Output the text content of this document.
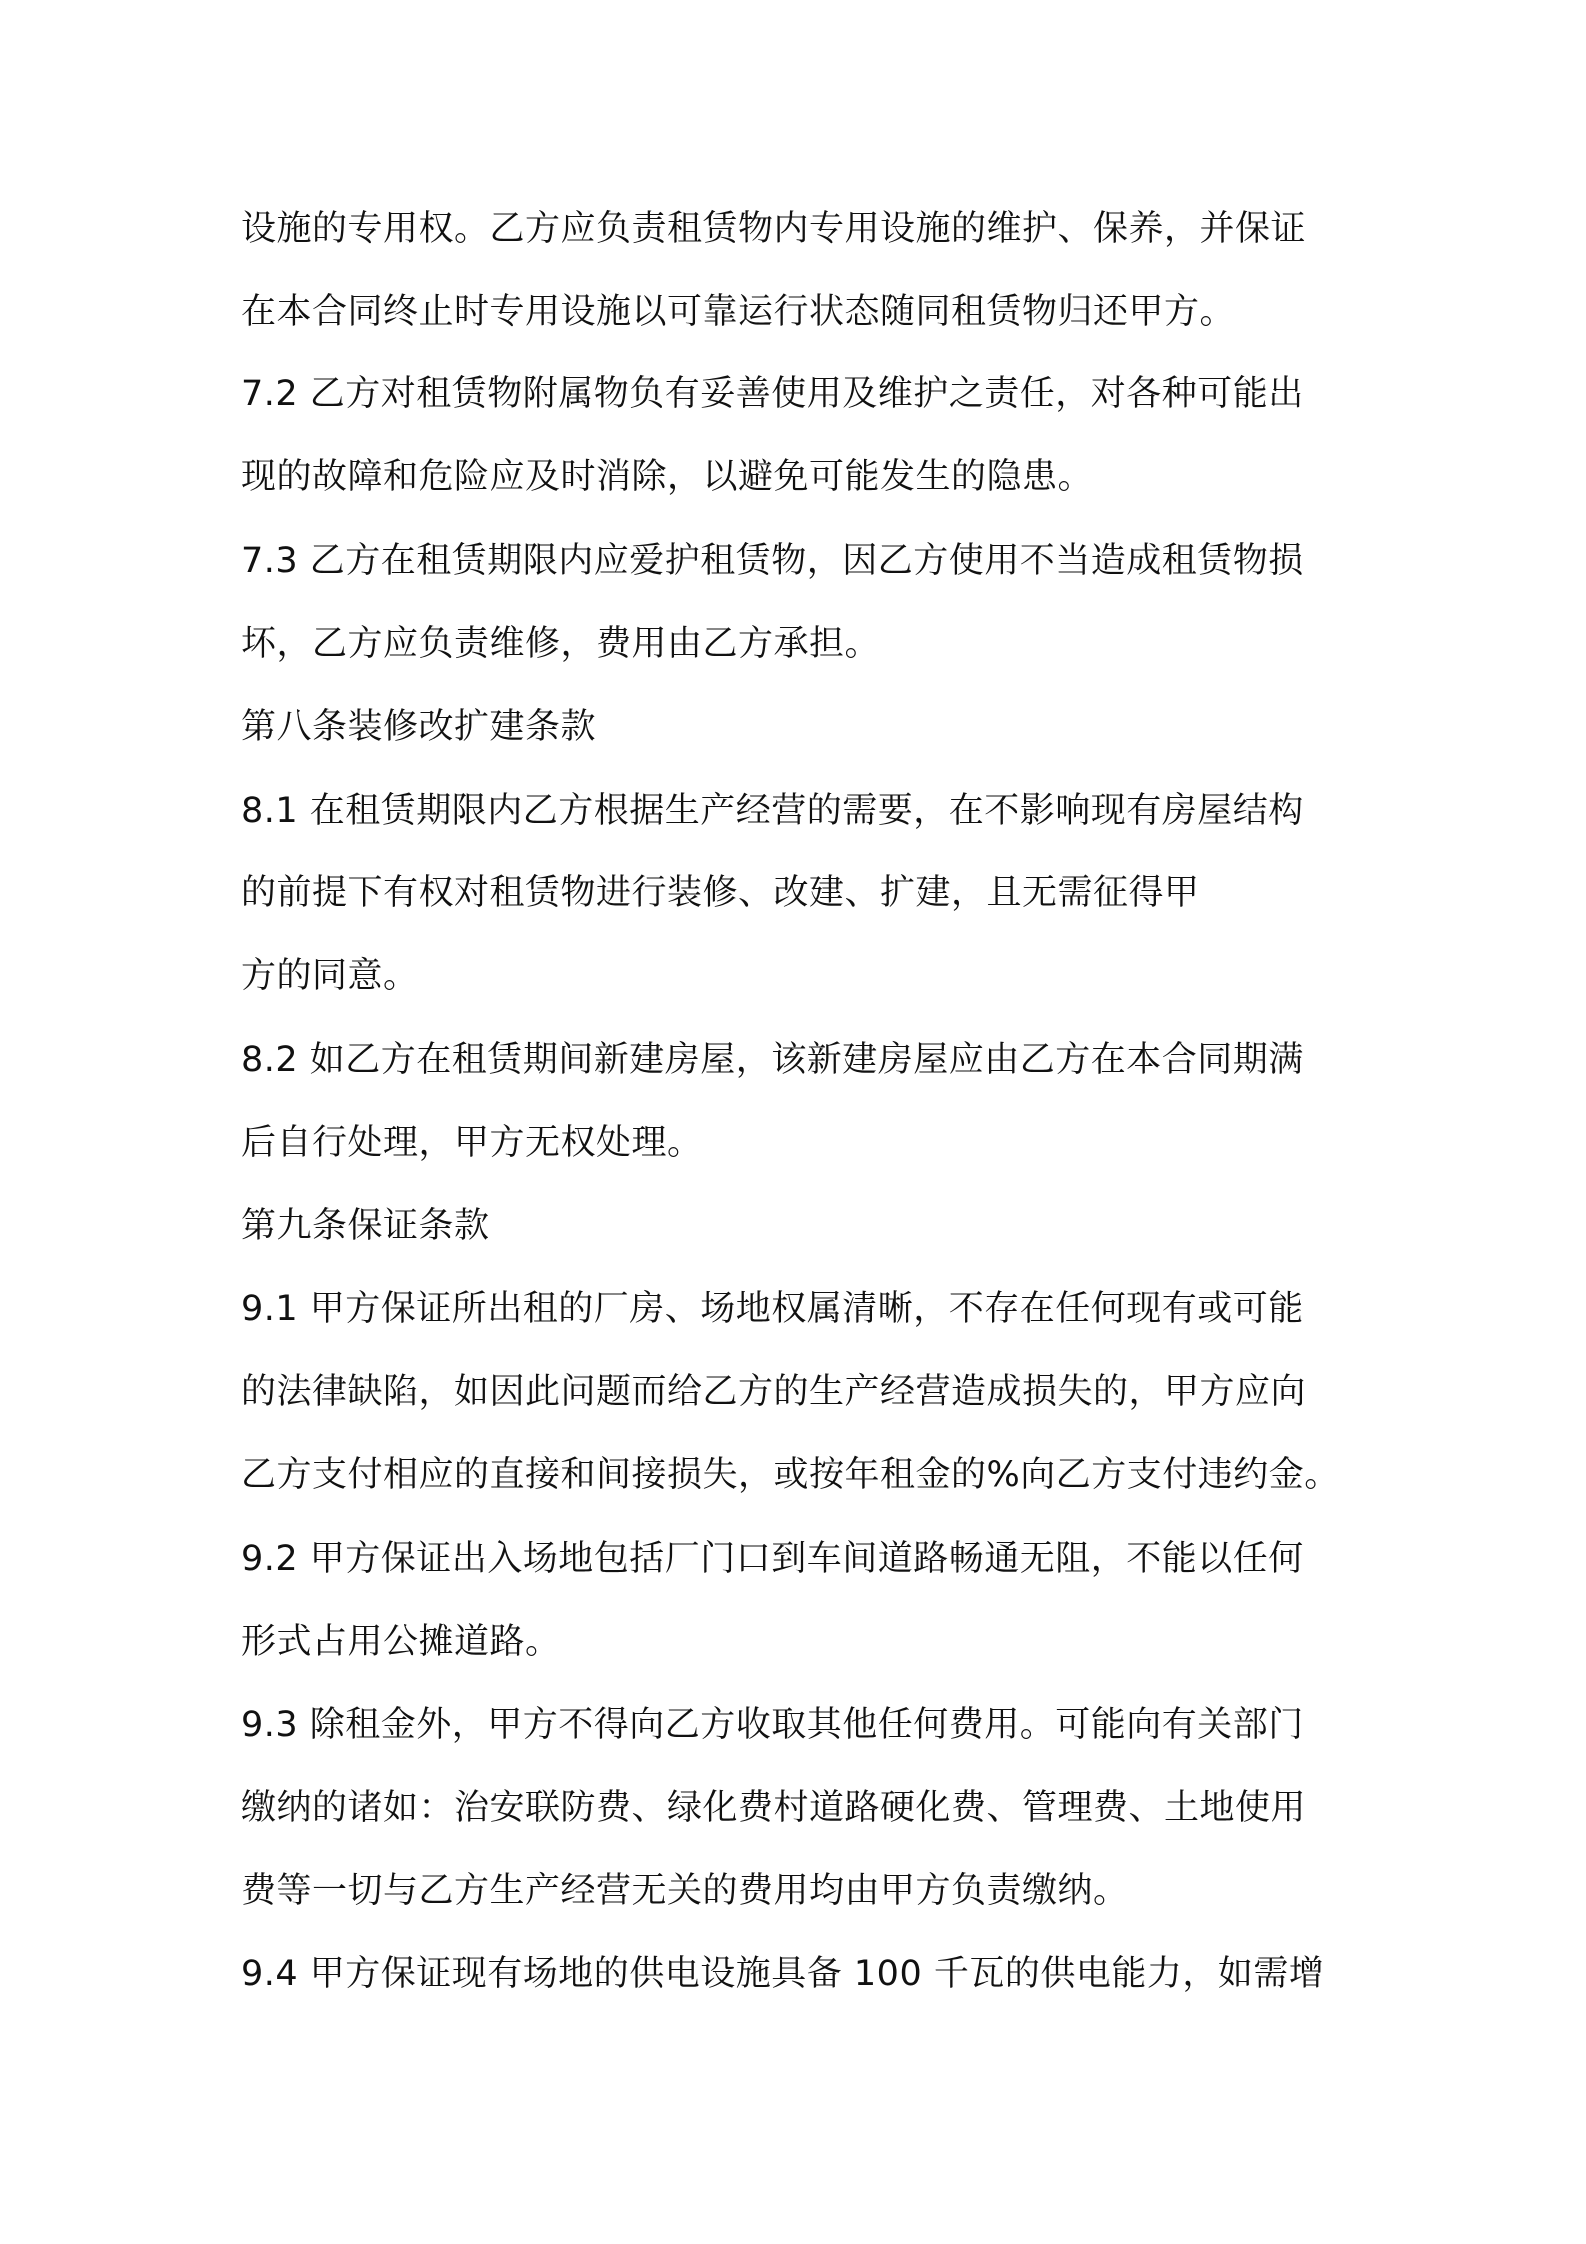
设施的专用权。乙方应负责租赁物内专用设施的维护、保养，并保证
在本合同终止时专用设施以可靠运行状态随同租赁物归还甲方。
7.2 乙方对租赁物附属物负有妥善使用及维护之责任，对各种可能出
现的故障和危险应及时消除，以避免可能发生的隐患。
7.3 乙方在租赁期限内应爱护租赁物，因乙方使用不当造成租赁物损
坏，乙方应负责维修，费用由乙方承担。
第八条装修改扩建条款
8.1 在租赁期限内乙方根据生产经营的需要，在不影响现有房屋结构
的前提下有权对租赁物进行装修、改建、扩建，且无需征得甲
方的同意。
8.2 如乙方在租赁期间新建房屋，该新建房屋应由乙方在本合同期满
后自行处理，甲方无权处理。
第九条保证条款
9.1 甲方保证所出租的厂房、场地权属清晰，不存在任何现有或可能
的法律缺陷，如因此问题而给乙方的生产经营造成损失的，甲方应向
乙方支付相应的直接和间接损失，或按年租金的%向乙方支付违约金。
9.2 甲方保证出入场地包括厂门口到车间道路畅通无阻，不能以任何
形式占用公摊道路。
9.3 除租金外，甲方不得向乙方收取其他任何费用。可能向有关部门
缴纳的诸如：治安联防费、绿化费村道路硬化费、管理费、土地使用
费等一切与乙方生产经营无关的费用均由甲方负责缴纳。
9.4 甲方保证现有场地的供电设施具备 100 千瓦的供电能力，如需增
